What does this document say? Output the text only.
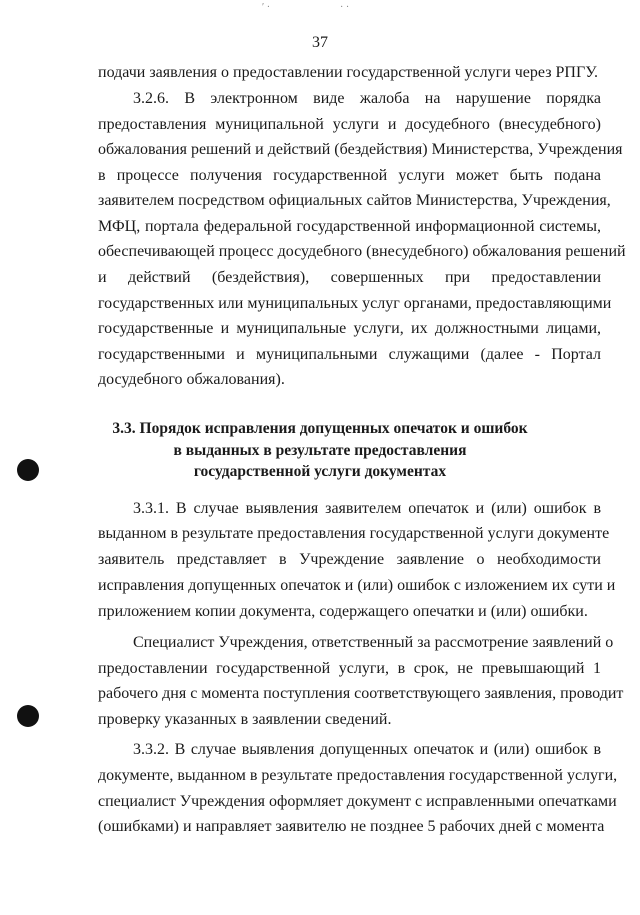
′ ·	· ·
37
подачи заявления о предоставлении государственной услуги через РПГУ.
3.2.6. В электронном виде жалоба на нарушение порядка
предоставления муниципальной услуги и досудебного (внесудебного)
обжалования решений и действий (бездействия) Министерства, Учреждения
в процессе получения государственной услуги может быть подана
заявителем посредством официальных сайтов Министерства, Учреждения,
МФЦ, портала федеральной государственной информационной системы,
обеспечивающей процесс досудебного (внесудебного) обжалования решений
и действий (бездействия), совершенных при предоставлении
государственных или муниципальных услуг органами, предоставляющими
государственные и муниципальные услуги, их должностными лицами,
государственными и муниципальными служащими (далее - Портал
досудебного обжалования).
3.3. Порядок исправления допущенных опечаток и ошибок
в выданных в результате предоставления
государственной услуги документах
3.3.1. В случае выявления заявителем опечаток и (или) ошибок в
выданном в результате предоставления государственной услуги документе
заявитель представляет в Учреждение заявление о необходимости
исправления допущенных опечаток и (или) ошибок с изложением их сути и
приложением копии документа, содержащего опечатки и (или) ошибки.
Специалист Учреждения, ответственный за рассмотрение заявлений о
предоставлении государственной услуги, в срок, не превышающий 1
рабочего дня с момента поступления соответствующего заявления, проводит
проверку указанных в заявлении сведений.
3.3.2. В случае выявления допущенных опечаток и (или) ошибок в
документе, выданном в результате предоставления государственной услуги,
специалист Учреждения оформляет документ с исправленными опечатками
(ошибками) и направляет заявителю не позднее 5 рабочих дней с момента
